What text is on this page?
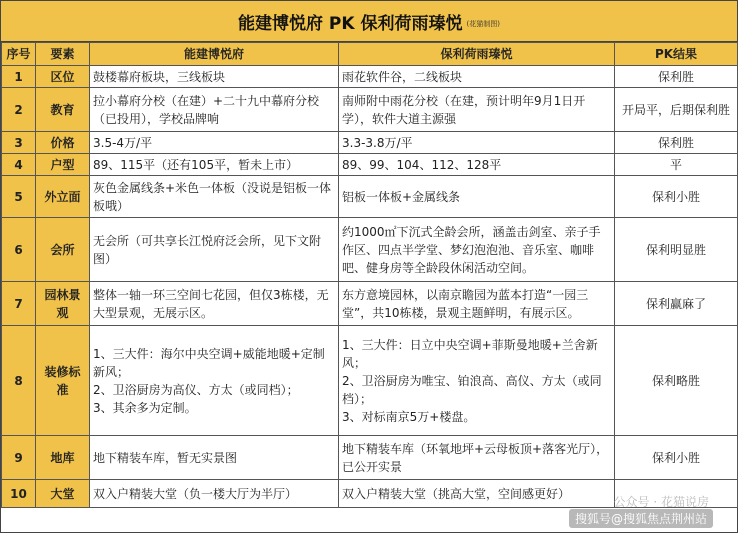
能建博悦府 PK 保利荷雨瑧悦 (花猫制图)
序号	要素	能建博悦府	保利荷雨瑧悦	PK结果
1	区位	鼓楼幕府板块，三线板块	雨花软件谷，二线板块	保利胜
2	教育	拉小幕府分校（在建）+二十九中幕府分校（已投用），学校品牌响	南师附中雨花分校（在建，预计明年9月1日开学），软件大道主源强	开局平，后期保利胜
3	价格	3.5-4万/平	3.3-3.8万/平	保利胜
4	户型	89、115平（还有105平，暂未上市）	89、99、104、112、128平	平
5	外立面	灰色金属线条+米色一体板（没说是铝板一体板哦）	铝板一体板+金属线条	保利小胜
6	会所	无会所（可共享长江悦府泛会所，见下文附图）	约1000㎡下沉式全龄会所，涵盖击剑室、亲子手作区、四点半学堂、梦幻泡泡池、音乐室、咖啡吧、健身房等全龄段休闲活动空间。	保利明显胜
7	园林景观	整体一轴一环三空间七花园，但仅3栋楼，无大型景观，无展示区。	东方意境园林，以南京瞻园为蓝本打造“一园三堂”，共10栋楼，景观主题鲜明，有展示区。	保利赢麻了
8	装修标准	1、三大件：海尔中央空调+威能地暖+定制新风；
2、卫浴厨房为高仪、方太（或同档）；
3、其余多为定制。	1、三大件：日立中央空调+菲斯曼地暖+兰舍新风；
2、卫浴厨房为唯宝、铂浪高、高仪、方太（或同档）；
3、对标南京5万+楼盘。	保利略胜
9	地库	地下精装车库，暂无实景图	地下精装车库（环氧地坪+云母板顶+落客光厅），已公开实景	保利小胜
10	大堂	双入户精装大堂（负一楼大厅为半厅）	双入户精装大堂（挑高大堂，空间感更好）	
公众号 · 花猫说房
搜狐号@搜狐焦点荆州站
